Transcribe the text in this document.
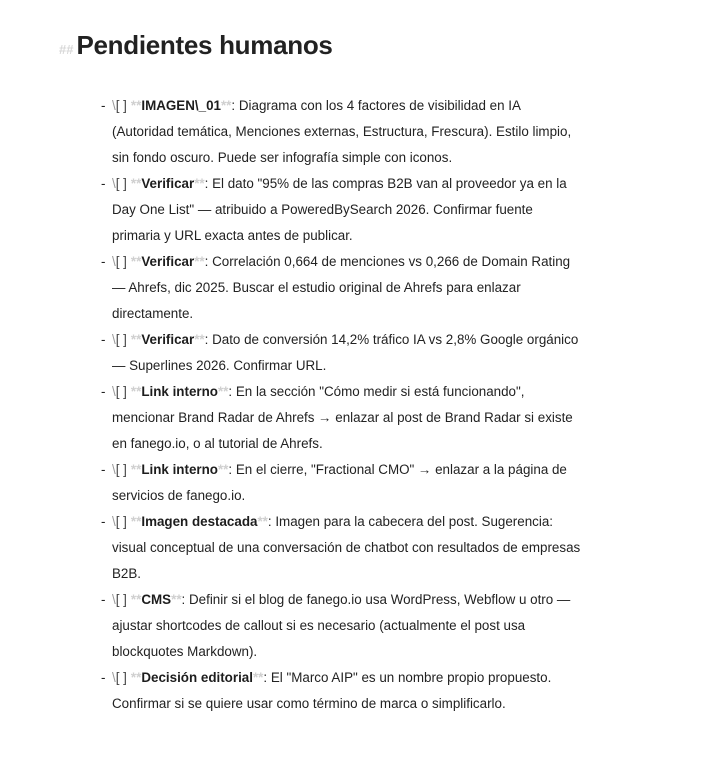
## Pendientes humanos
- \[ ] **IMAGEN\_01**: Diagrama con los 4 factores de visibilidad en IA (Autoridad temática, Menciones externas, Estructura, Frescura). Estilo limpio, sin fondo oscuro. Puede ser infografía simple con iconos.
- \[ ] **Verificar**: El dato "95% de las compras B2B van al proveedor ya en la Day One List" — atribuido a PoweredBySearch 2026. Confirmar fuente primaria y URL exacta antes de publicar.
- \[ ] **Verificar**: Correlación 0,664 de menciones vs 0,266 de Domain Rating — Ahrefs, dic 2025. Buscar el estudio original de Ahrefs para enlazar directamente.
- \[ ] **Verificar**: Dato de conversión 14,2% tráfico IA vs 2,8% Google orgánico — Superlines 2026. Confirmar URL.
- \[ ] **Link interno**: En la sección "Cómo medir si está funcionando", mencionar Brand Radar de Ahrefs → enlazar al post de Brand Radar si existe en fanego.io, o al tutorial de Ahrefs.
- \[ ] **Link interno**: En el cierre, "Fractional CMO" → enlazar a la página de servicios de fanego.io.
- \[ ] **Imagen destacada**: Imagen para la cabecera del post. Sugerencia: visual conceptual de una conversación de chatbot con resultados de empresas B2B.
- \[ ] **CMS**: Definir si el blog de fanego.io usa WordPress, Webflow u otro — ajustar shortcodes de callout si es necesario (actualmente el post usa blockquotes Markdown).
- \[ ] **Decisión editorial**: El "Marco AIP" es un nombre propio propuesto. Confirmar si se quiere usar como término de marca o simplificarlo.
